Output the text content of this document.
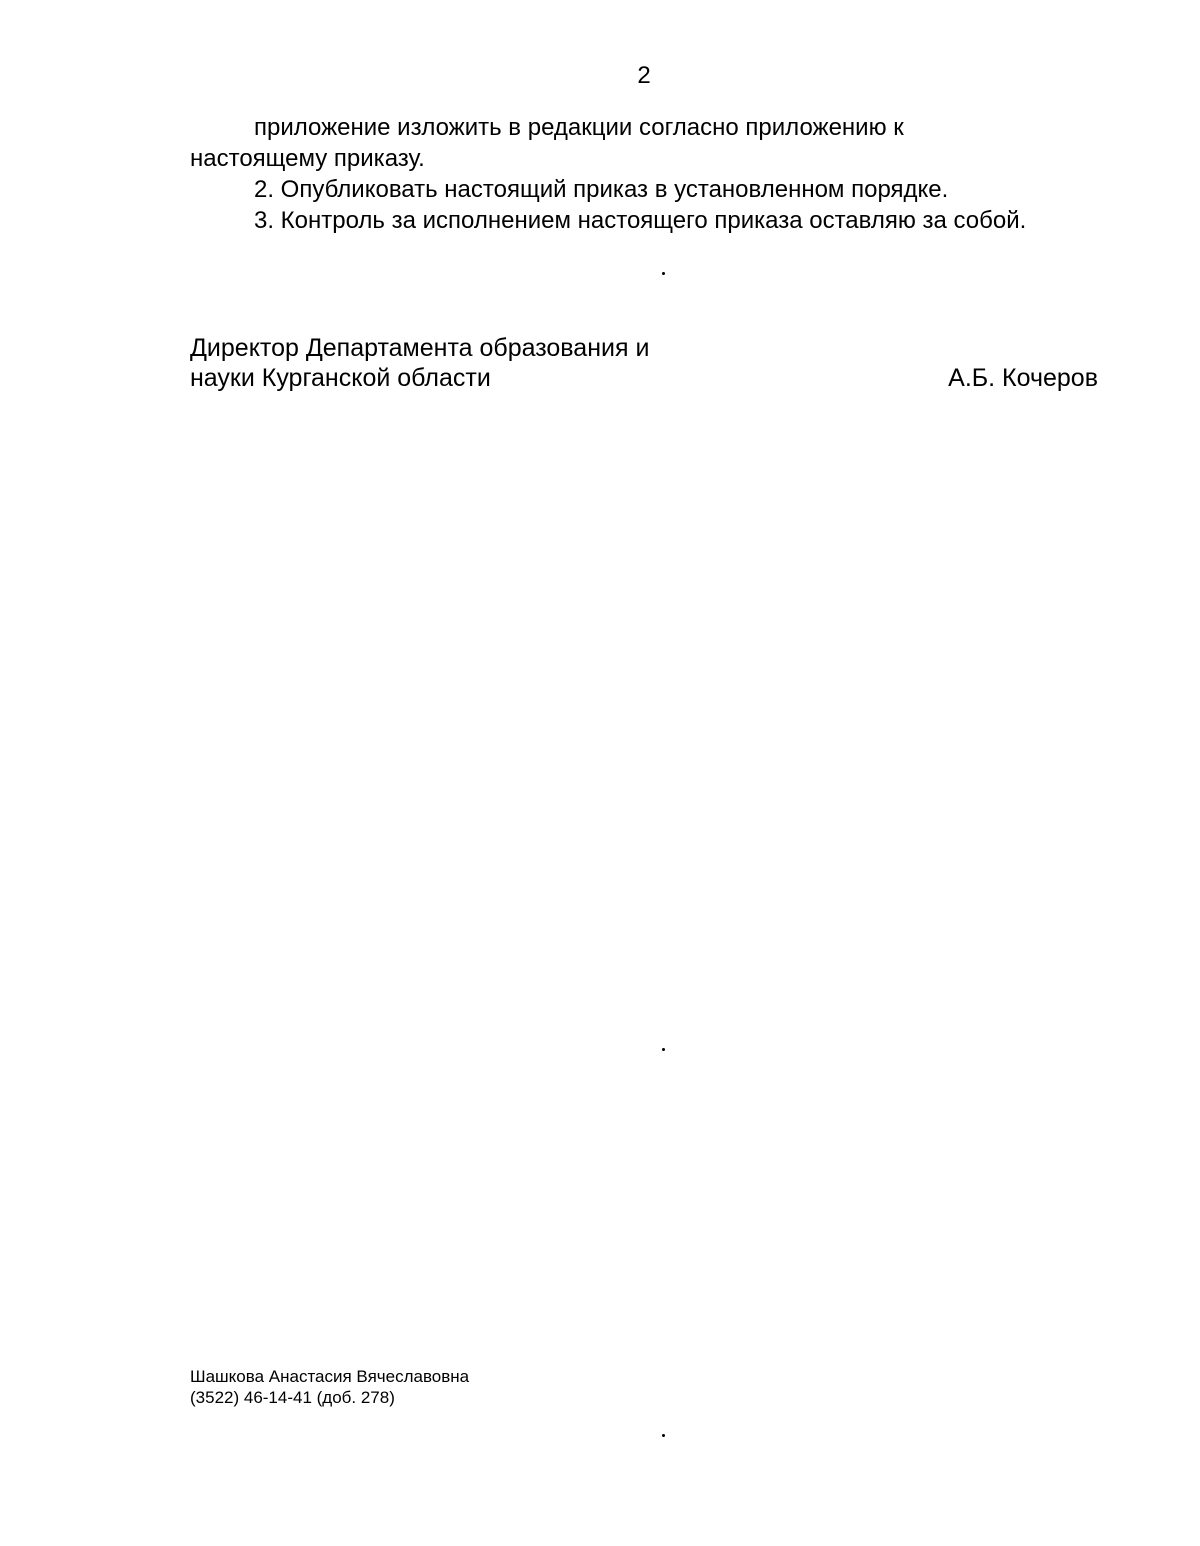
2

приложение изложить в редакции согласно приложению к
настоящему приказу.

2. Опубликовать настоящий приказ в установленном порядке.

3. Контроль за исполнением настоящего приказа оставляю за собой.

Директор Департамента образования и
науки Курганской области	А.Б. Кочеров
Шашкова Анастасия Вячеславовна
(3522) 46-14-41 (доб. 278)
